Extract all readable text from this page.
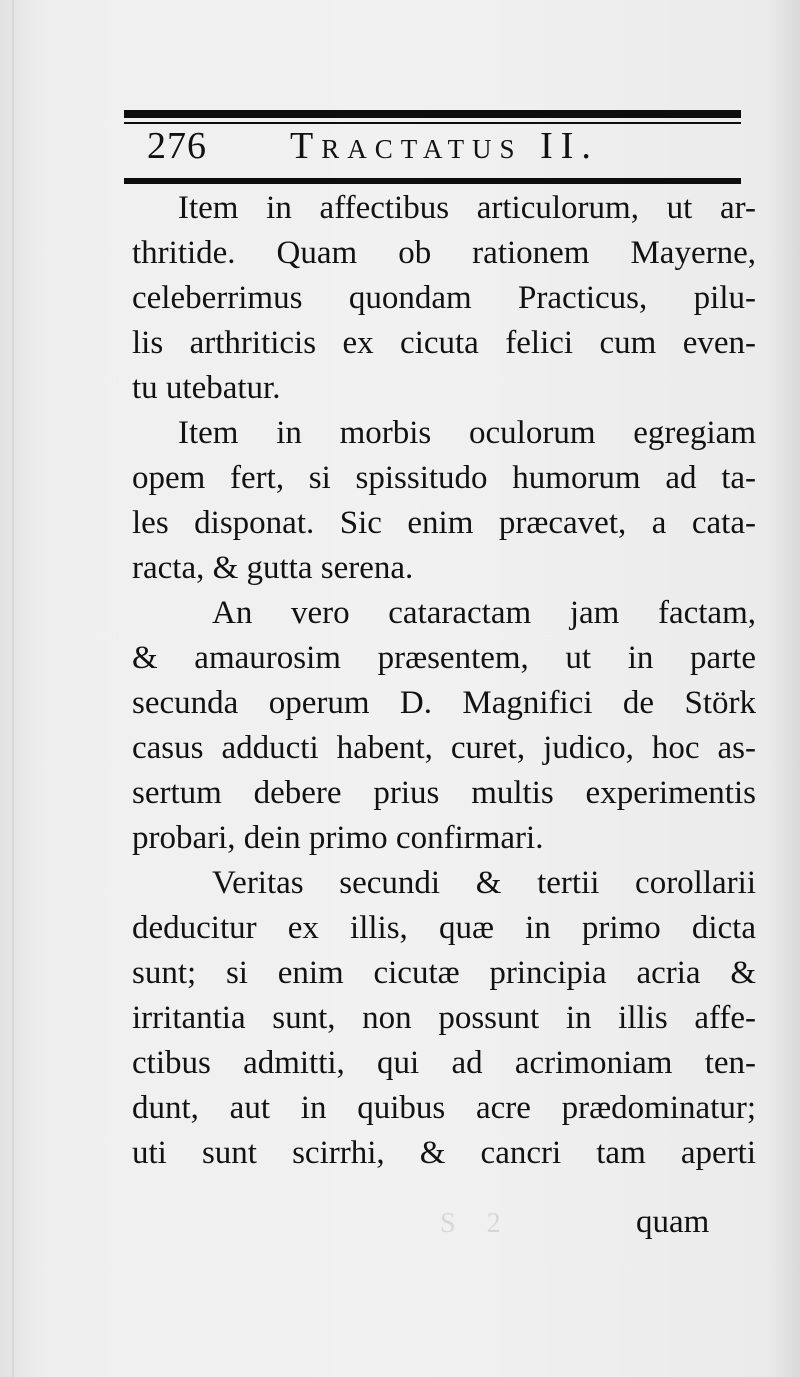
276 Tractatus II.

Item in affectibus articulorum, ut ar-
thritide. Quam ob rationem Mayerne,
celeberrimus quondam Practicus, pilu-
lis arthriticis ex cicuta felici cum even-
tu utebatur.

Item in morbis oculorum egregiam
opem fert, si spissitudo humorum ad ta-
les disponat. Sic enim præcavet, a cata-
racta, & gutta serena.

An vero cataractam jam factam,
& amaurosim præsentem, ut in parte
secunda operum D. Magnifici de Störk
casus adducti habent, curet, judico, hoc as-
sertum debere prius multis experimentis
probari, dein primo confirmari.

Veritas secundi & tertii corollarii
deducitur ex illis, quæ in primo dicta
sunt; si enim cicutæ principia acria &
irritantia sunt, non possunt in illis affe-
ctibus admitti, qui ad acrimoniam ten-
dunt, aut in quibus acre prædominatur;
uti sunt scirrhi, & cancri tam aperti

S 2	quam
